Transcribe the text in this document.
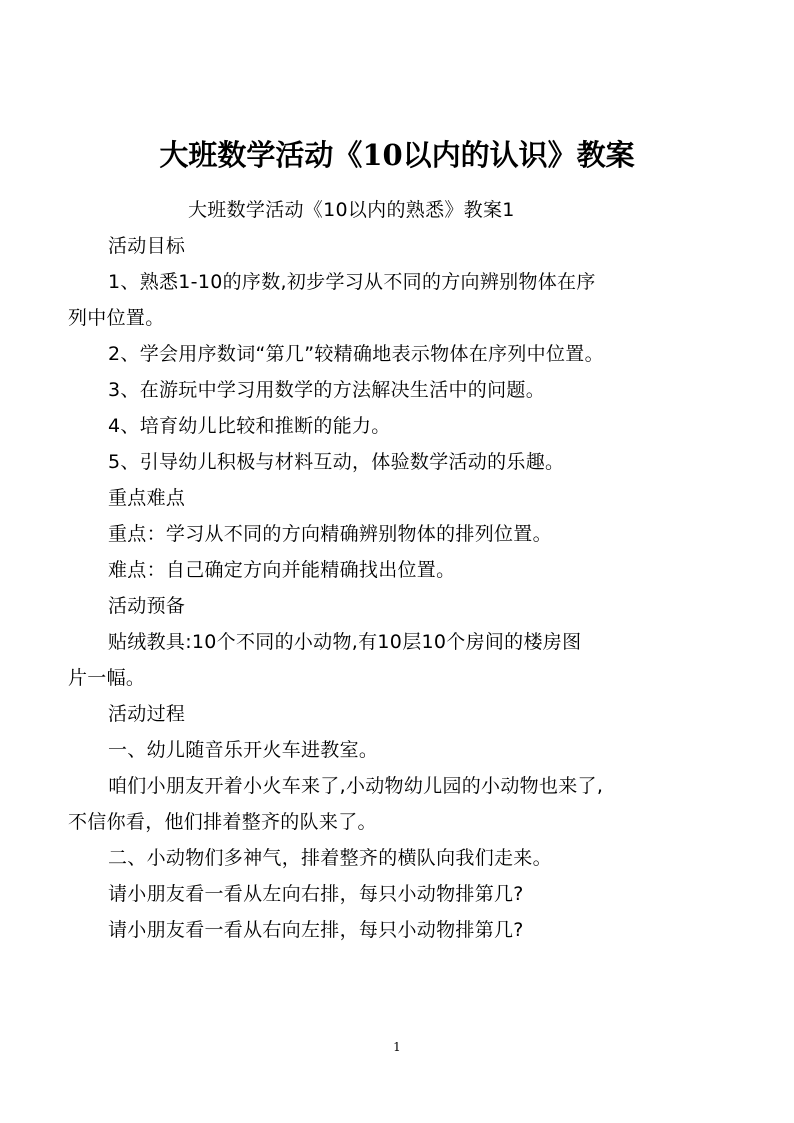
大班数学活动《10以内的认识》教案
大班数学活动《10以内的熟悉》教案1
活动目标
1、熟悉1-10的序数,初步学习从不同的方向辨别物体在序
列中位置。
2、学会用序数词“第几”较精确地表示物体在序列中位置。
3、在游玩中学习用数学的方法解决生活中的问题。
4、培育幼儿比较和推断的能力。
5、引导幼儿积极与材料互动，体验数学活动的乐趣。
重点难点
重点：学习从不同的方向精确辨别物体的排列位置。
难点：自己确定方向并能精确找出位置。
活动预备
贴绒教具:10个不同的小动物,有10层10个房间的楼房图
片一幅。
活动过程
一、幼儿随音乐开火车进教室。
咱们小朋友开着小火车来了,小动物幼儿园的小动物也来了,
不信你看，他们排着整齐的队来了。
二、小动物们多神气，排着整齐的横队向我们走来。
请小朋友看一看从左向右排，每只小动物排第几?
请小朋友看一看从右向左排，每只小动物排第几?
1
